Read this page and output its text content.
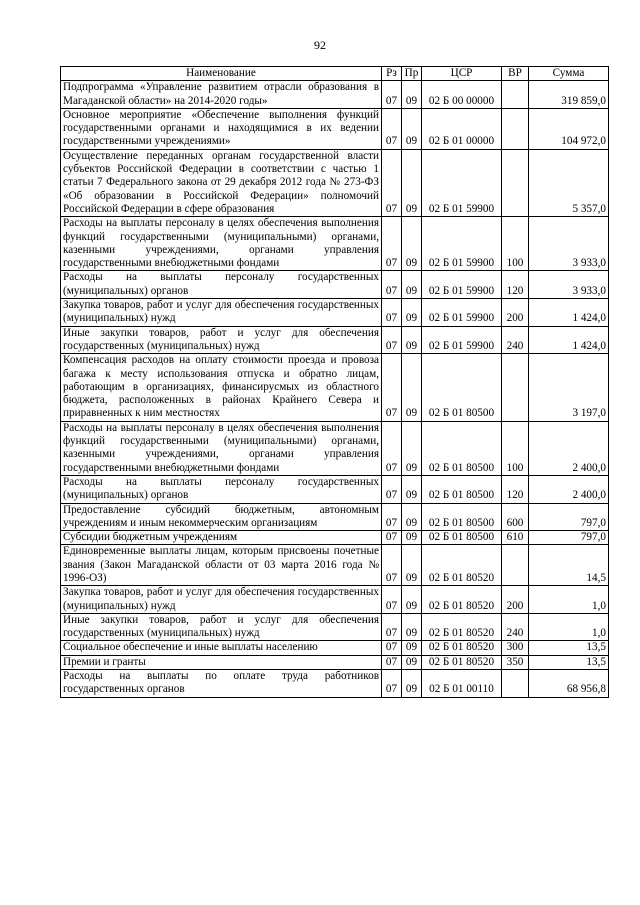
92
Наименование	Рз	Пр	ЦСР	ВР	Сумма
Подпрограмма «Управление развитием отрасли образования в Магаданской области» на 2014-2020 годы»	07	09	02 Б 00 00000		319 859,0
Основное мероприятие «Обеспечение выполнения функций государственными органами и находящимися в их ведении государственными учреждениями»	07	09	02 Б 01 00000		104 972,0
Осуществление переданных органам государственной власти субъектов Российской Федерации в соответствии с частью 1 статьи 7 Федерального закона от 29 декабря 2012 года № 273-ФЗ «Об образовании в Российской Федерации» полномочий Российской Федерации в сфере образования	07	09	02 Б 01 59900		5 357,0
Расходы на выплаты персоналу в целях обеспечения выполнения функций государственными (муниципальными) органами, казенными учреждениями, органами управления государственными внебюджетными фондами	07	09	02 Б 01 59900	100	3 933,0
Расходы на выплаты персоналу государственных (муниципальных) органов	07	09	02 Б 01 59900	120	3 933,0
Закупка товаров, работ и услуг для обеспечения государственных (муниципальных) нужд	07	09	02 Б 01 59900	200	1 424,0
Иные закупки товаров, работ и услуг для обеспечения государственных (муниципальных) нужд	07	09	02 Б 01 59900	240	1 424,0
Компенсация расходов на оплату стоимости проезда и провоза багажа к месту использования отпуска и обратно лицам, работающим в организациях, финансирусмых из областного бюджета, расположенных в районах Крайнего Севера и приравненных к ним местностях	07	09	02 Б 01 80500		3 197,0
Расходы на выплаты персоналу в целях обеспечения выполнения функций государственными (муниципальными) органами, казенными учреждениями, органами управления государственными внебюджетными фондами	07	09	02 Б 01 80500	100	2 400,0
Расходы на выплаты персоналу государственных (муниципальных) органов	07	09	02 Б 01 80500	120	2 400,0
Предоставление субсидий бюджетным, автономным учреждениям и иным некоммерческим организациям	07	09	02 Б 01 80500	600	797,0
Субсидии бюджетным учреждениям	07	09	02 Б 01 80500	610	797,0
Единовременные выплаты лицам, которым присвоены почетные звания (Закон Магаданской области от 03 марта 2016 года № 1996-ОЗ)	07	09	02 Б 01 80520		14,5
Закупка товаров, работ и услуг для обеспечения государственных (муниципальных) нужд	07	09	02 Б 01 80520	200	1,0
Иные закупки товаров, работ и услуг для обеспечения государственных (муниципальных) нужд	07	09	02 Б 01 80520	240	1,0
Социальное обеспечение и иные выплаты населению	07	09	02 Б 01 80520	300	13,5
Премии и гранты	07	09	02 Б 01 80520	350	13,5
Расходы на выплаты по оплате труда работников государственных органов	07	09	02 Б 01 00110		68 956,8
